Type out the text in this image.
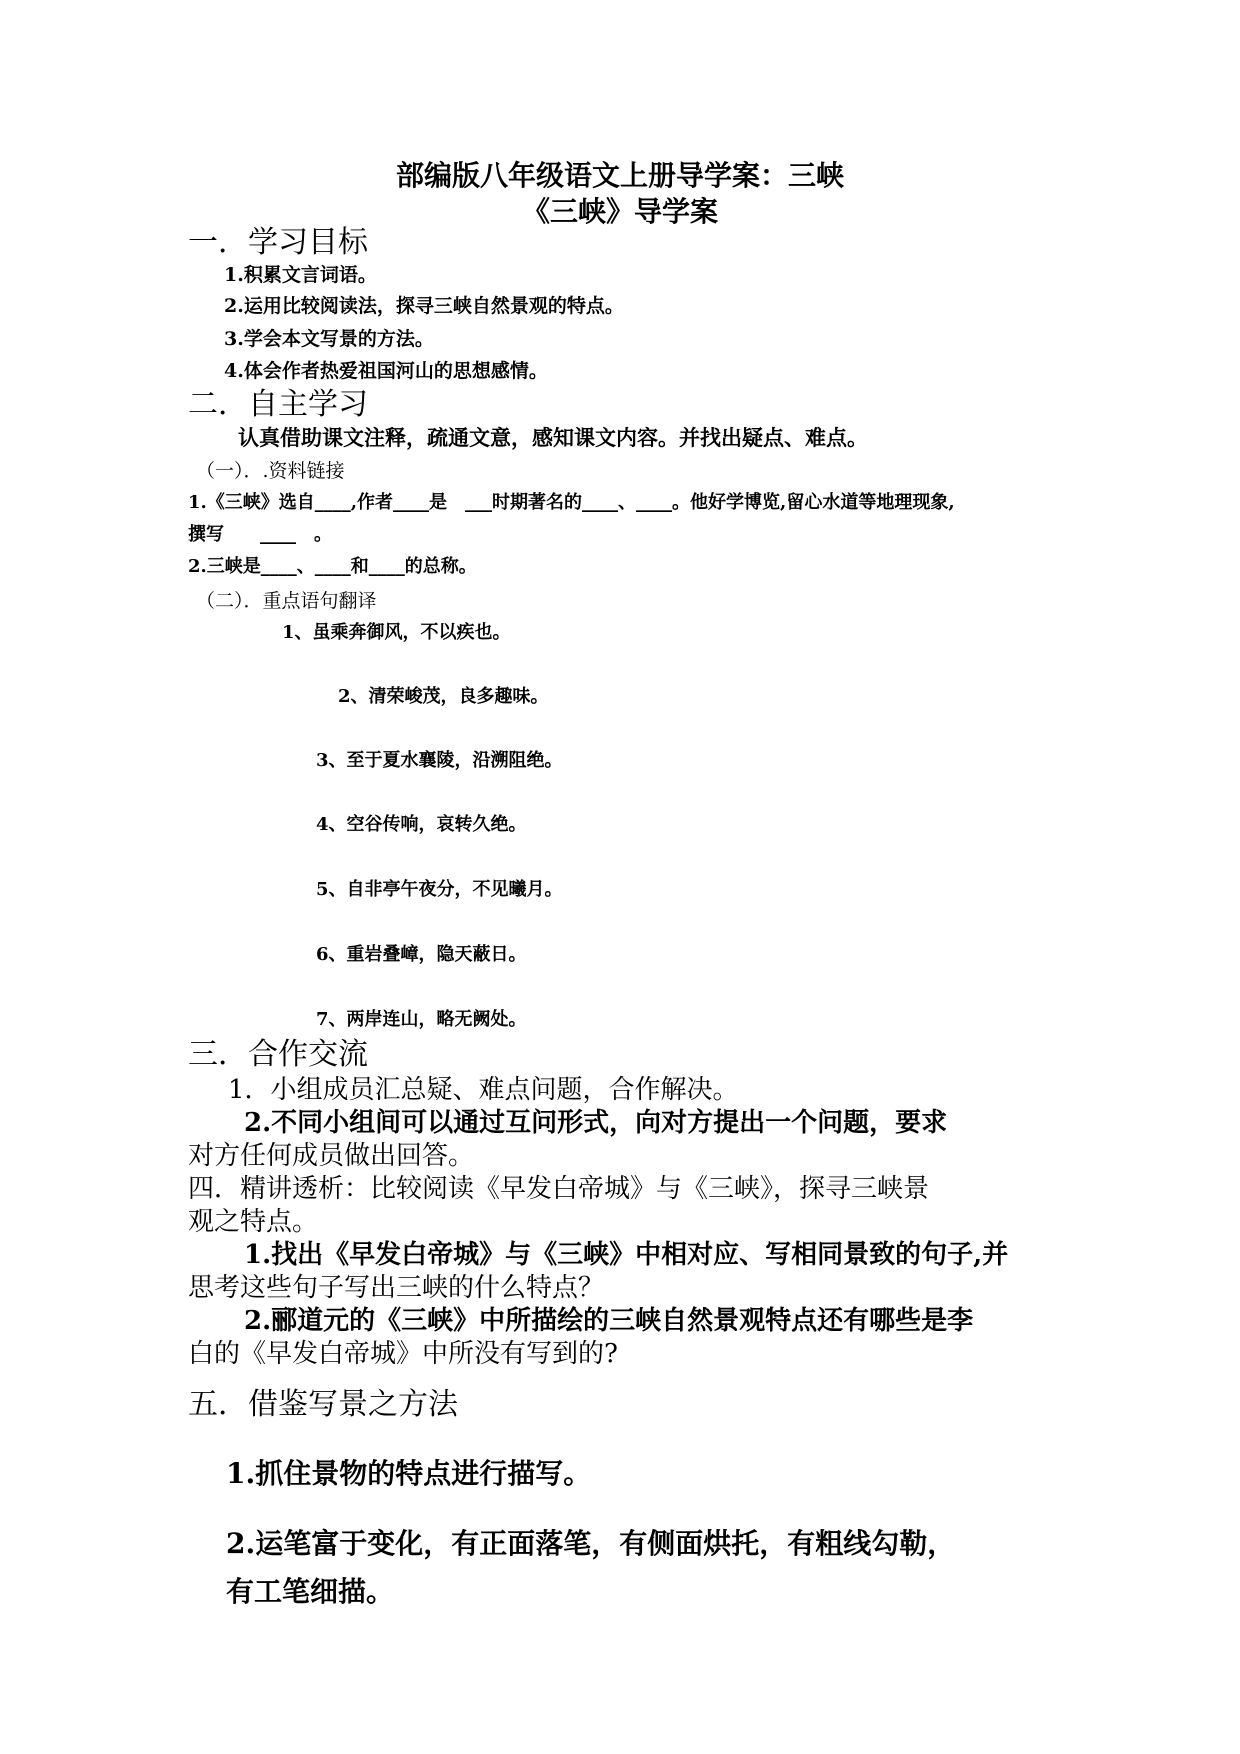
部编版八年级语文上册导学案：三峡
《三峡》导学案
一．学习目标
1.积累文言词语。
2.运用比较阅读法，探寻三峡自然景观的特点。
3.学会本文写景的方法。
4.体会作者热爱祖国河山的思想感情。
二．自主学习
认真借助课文注释，疏通文意，感知课文内容。并找出疑点、难点。
（一）．.资料链接
1.《三峡》选自____,作者____是　___时期著名的____、____。他好学博览,留心水道等地理现象,
撰写　　____　。
2.三峡是____、____和____的总称。
（二）．重点语句翻译
1、虽乘奔御风，不以疾也。
2、清荣峻茂，良多趣味。
3、至于夏水襄陵，沿溯阻绝。
4、空谷传响，哀转久绝。
5、自非亭午夜分，不见曦月。
6、重岩叠嶂，隐天蔽日。
7、两岸连山，略无阙处。
三．合作交流
1．小组成员汇总疑、难点问题，合作解决。
2.不同小组间可以通过互问形式，向对方提出一个问题，要求
对方任何成员做出回答。
四．精讲透析：比较阅读《早发白帝城》与《三峡》，探寻三峡景
观之特点。
1.找出《早发白帝城》与《三峡》中相对应、写相同景致的句子,并
思考这些句子写出三峡的什么特点？
2.郦道元的《三峡》中所描绘的三峡自然景观特点还有哪些是李
白的《早发白帝城》中所没有写到的?
五．借鉴写景之方法
1.抓住景物的特点进行描写。
2.运笔富于变化，有正面落笔，有侧面烘托，有粗线勾勒，
有工笔细描。
